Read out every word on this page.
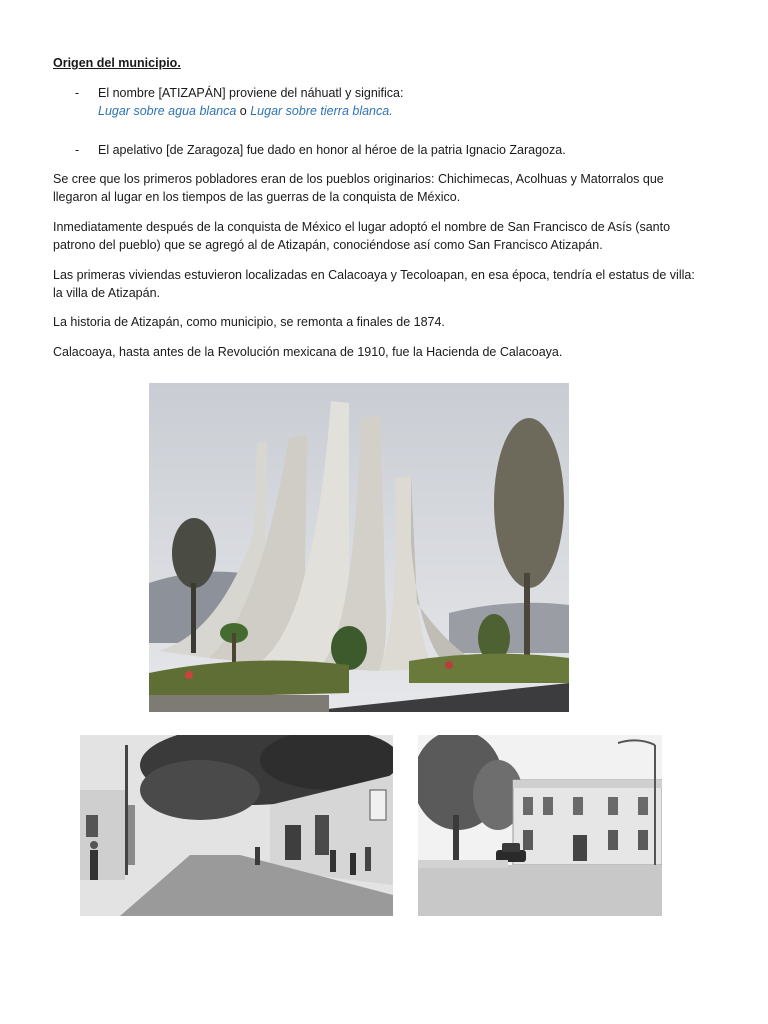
Origen del municipio.
- El nombre [ATIZAPÁN] proviene del náhuatl y significa:
Lugar sobre agua blanca o Lugar sobre tierra blanca.
- El apelativo [de Zaragoza] fue dado en honor al héroe de la patria Ignacio Zaragoza.

Se cree que los primeros pobladores eran de los pueblos originarios: Chichimecas, Acolhuas y Matorralos que llegaron al lugar en los tiempos de las guerras de la conquista de México.

Inmediatamente después de la conquista de México el lugar adoptó el nombre de San Francisco de Asís (santo patrono del pueblo) que se agregó al de Atizapán, conociéndose así como San Francisco Atizapán.

Las primeras viviendas estuvieron localizadas en Calacoaya y Tecoloapan, en esa época, tendría el estatus de villa: la villa de Atizapán.

La historia de Atizapán, como municipio, se remonta a finales de 1874.

Calacoaya, hasta antes de la Revolución mexicana de 1910, fue la Hacienda de Calacoaya.
